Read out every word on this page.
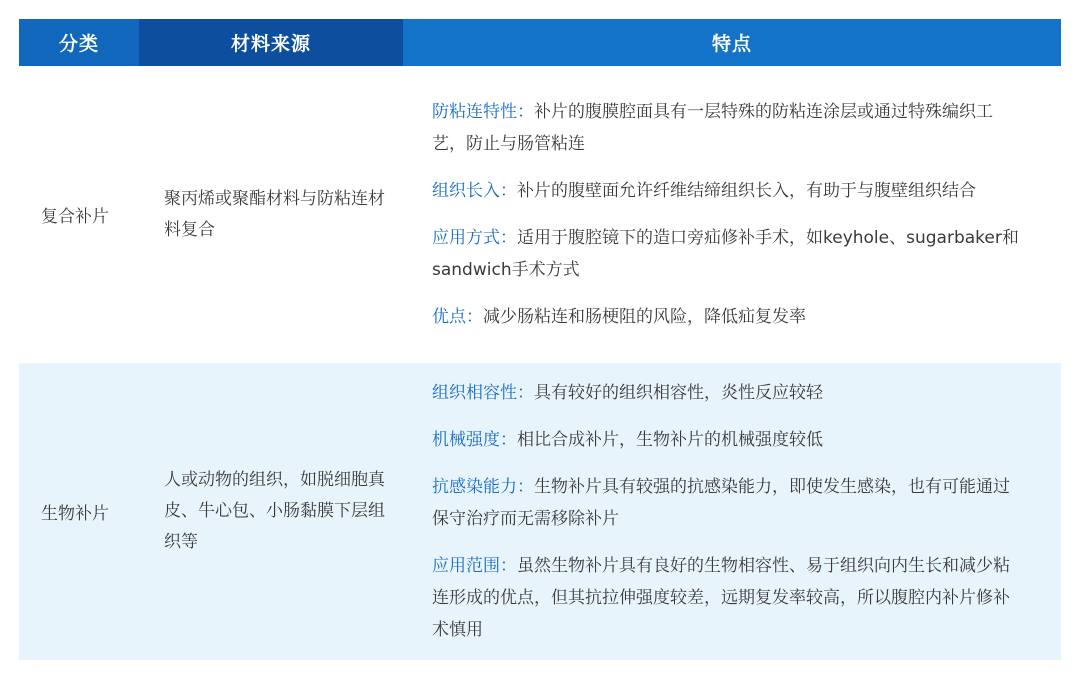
分类	材料来源	特点
复合补片
聚丙烯或聚酯材料与防粘连材料复合

防粘连特性：补片的腹膜腔面具有一层特殊的防粘连涂层或通过特殊编织工艺，防止与肠管粘连

组织长入：补片的腹壁面允许纤维结缔组织长入，有助于与腹壁组织结合

应用方式：适用于腹腔镜下的造口旁疝修补手术，如keyhole、sugarbaker和sandwich手术方式

优点：减少肠粘连和肠梗阻的风险，降低疝复发率

生物补片
人或动物的组织，如脱细胞真皮、牛心包、小肠黏膜下层组织等

组织相容性：具有较好的组织相容性，炎性反应较轻

机械强度：相比合成补片，生物补片的机械强度较低

抗感染能力：生物补片具有较强的抗感染能力，即使发生感染，也有可能通过保守治疗而无需移除补片

应用范围：虽然生物补片具有良好的生物相容性、易于组织向内生长和减少粘连形成的优点，但其抗拉伸强度较差，远期复发率较高，所以腹腔内补片修补术慎用
